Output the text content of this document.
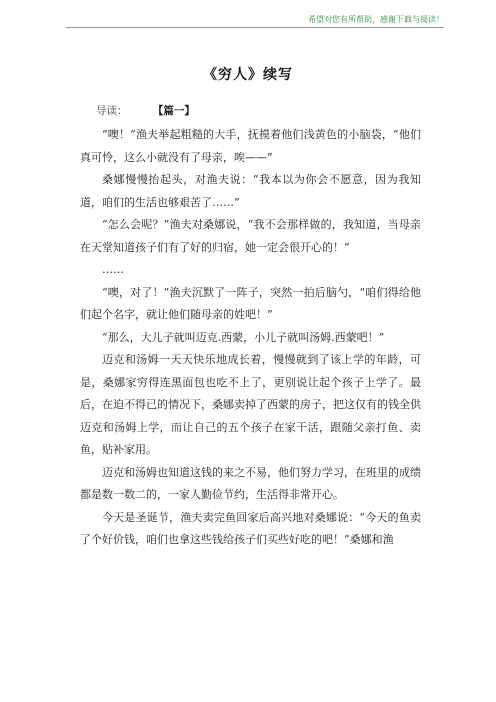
希望对您有所帮助，感谢下载与阅读！
《穷人》续写
导读： 【篇一】

“噢！”渔夫举起粗糙的大手，抚摸着他们浅黄色的小脑袋，“他们真可怜，这么小就没有了母亲，唉——”

桑娜慢慢抬起头，对渔夫说：“我本以为你会不愿意，因为我知道，咱们的生活也够艰苦了……”

“怎么会呢？”渔夫对桑娜说，“我不会那样做的，我知道，当母亲在天堂知道孩子们有了好的归宿，她一定会很开心的！”

……

“噢，对了！”渔夫沉默了一阵子，突然一拍后脑勺，“咱们得给他们起个名字，就让他们随母亲的姓吧！”

“那么，大儿子就叫迈克.西蒙，小儿子就叫汤姆.西蒙吧！”

迈克和汤姆一天天快乐地成长着，慢慢就到了该上学的年龄，可是，桑娜家穷得连黑面包也吃不上了，更别说让起个孩子上学了。最后，在迫不得已的情况下，桑娜卖掉了西蒙的房子，把这仅有的钱全供迈克和汤姆上学，而让自己的五个孩子在家干活，跟随父亲打鱼、卖鱼，贴补家用。

迈克和汤姆也知道这钱的来之不易，他们努力学习，在班里的成绩都是数一数二的，一家人勤俭节约，生活得非常开心。

今天是圣诞节，渔夫卖完鱼回家后高兴地对桑娜说：“今天的鱼卖了个好价钱，咱们也拿这些钱给孩子们买些好吃的吧！”桑娜和渔
